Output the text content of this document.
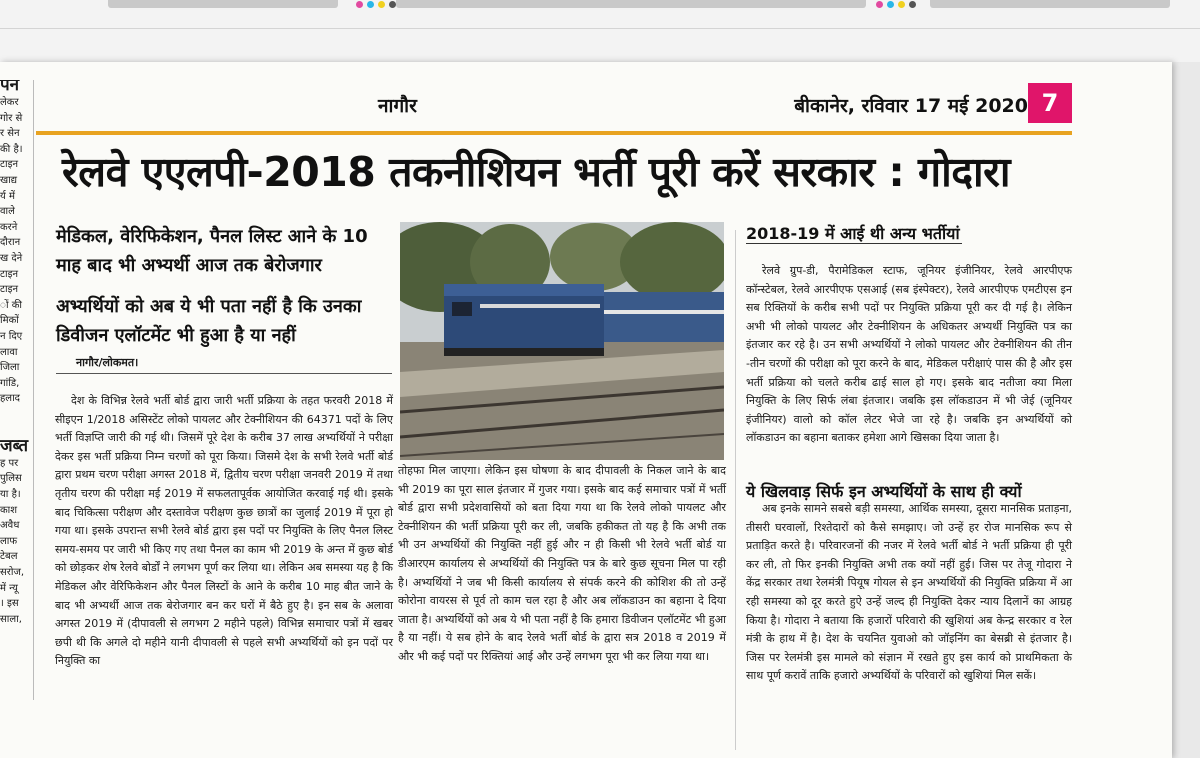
पन
लेकर
गोर से
र सेन
की है।
टाइन
खाद्य
र्य में
वाले
करने
दौरान
ख देने
टाइन
टाइन
ों की
मिकों
न दिए
लावा
जिला
गांडि,
हलाद
जब्त
ह पर
पुलिस
या है।
काश
अवैध
लाफ
टेबल
सरोज,
में न्यू
। इस
साला,
नागौर	बीकानेर, रविवार 17 मई 2020 7
रेलवे एएलपी-2018 तकनीशियन भर्ती पूरी करें सरकार : गोदारा
मेडिकल, वेरिफिकेशन, पैनल लिस्ट आने के 10 माह बाद भी अभ्यर्थी आज तक बेरोजगार
अभ्यर्थियों को अब ये भी पता नहीं है कि उनका डिवीजन एलॉटमेंट भी हुआ है या नहीं
नागौर/लोकमत।
देश के विभिन्न रेलवे भर्ती बोर्ड द्वारा जारी भर्ती प्रक्रिया के तहत फरवरी 2018 में सीइएन 1/2018 असिस्टेंट लोको पायलट और टेक्नीशियन की 64371 पदों के लिए भर्ती विज्ञप्ति जारी की गई थी। जिसमें पूरे देश के करीब 37 लाख अभ्यर्थियों ने परीक्षा देकर इस भर्ती प्रक्रिया निम्न चरणों को पूरा किया। जिसमे देश के सभी रेलवे भर्ती बोर्ड द्वारा प्रथम चरण परीक्षा अगस्त 2018 में, द्वितीय चरण परीक्षा जनवरी 2019 में तथा तृतीय चरण की परीक्षा मई 2019 में सफलतापूर्वक आयोजित करवाई गई थी। इसके बाद चिकित्सा परीक्षण और दस्तावेज परीक्षण कुछ छात्रों का जुलाई 2019 में पूरा हो गया था। इसके उपरान्त सभी रेलवे बोर्ड द्वारा इस पदों पर नियुक्ति के लिए पैनल लिस्ट समय-समय पर जारी भी किए गए तथा पैनल का काम भी 2019 के अन्त में कुछ बोर्ड को छोड़कर शेष रेलवे बोर्डों ने लगभग पूर्ण कर लिया था। लेकिन अब समस्या यह है कि मेडिकल और वेरिफिकेशन और पैनल लिस्टों के आने के करीब 10 माह बीत जाने के बाद भी अभ्यर्थी आज तक बेरोजगार बन कर घरों में बैठे हुए है। इन सब के अलावा अगस्त 2019 में (दीपावली से लगभग 2 महीने पहले) विभिन्न समाचार पत्रों में खबर छपी थी कि अगले दो महीने यानी दीपावली से पहले सभी अभ्यर्थियों को इन पदों पर नियुक्ति का
तोहफा मिल जाएगा। लेकिन इस घोषणा के बाद दीपावली के निकल जाने के बाद भी 2019 का पूरा साल इंतजार में गुजर गया। इसके बाद कई समाचार पत्रों में भर्ती बोर्ड द्वारा सभी प्रदेशवासियों को बता दिया गया था कि रेलवे लोको पायलट और टेक्नीशियन की भर्ती प्रक्रिया पूरी कर ली, जबकि हकीकत तो यह है कि अभी तक भी उन अभ्यर्थियों की नियुक्ति नहीं हुई और न ही किसी भी रेलवे भर्ती बोर्ड या डीआरएम कार्यालय से अभ्यर्थियों की नियुक्ति पत्र के बारे कुछ सूचना मिल पा रही है। अभ्यर्थियों ने जब भी किसी कार्यालय से संपर्क करने की कोशिश की तो उन्हें कोरोना वायरस से पूर्व तो काम चल रहा है और अब लॉकडाउन का बहाना दे दिया जाता है। अभ्यर्थियों को अब ये भी पता नहीं है कि हमारा डिवीजन एलॉटमेंट भी हुआ है या नहीं। ये सब होने के बाद रेलवे भर्ती बोर्ड के द्वारा सत्र 2018 व 2019 में और भी कई पदों पर रिक्तियां आई और उन्हें लगभग पूरा भी कर लिया गया था।
2018-19 में आई थी अन्य भर्तीयां
रेलवे ग्रुप-डी, पैरामेडिकल स्टाफ, जूनियर इंजीनियर, रेलवे आरपीएफ कॉन्स्टेबल, रेलवे आरपीएफ एसआई (सब इंस्पेक्टर), रेलवे आरपीएफ एमटीएस इन सब रिक्तियों के करीब सभी पदों पर नियुक्ति प्रक्रिया पूरी कर दी गई है। लेकिन अभी भी लोको पायलट और टेक्नीशियन के अधिकतर अभ्यर्थी नियुक्ति पत्र का इंतजार कर रहे है। उन सभी अभ्यर्थियों ने लोको पायलट और टेक्नीशियन की तीन -तीन चरणों की परीक्षा को पूरा करने के बाद, मेडिकल परीक्षाएं पास की है और इस भर्ती प्रक्रिया को चलते करीब ढाई साल हो गए। इसके बाद नतीजा क्या मिला नियुक्ति के लिए सिर्फ लंबा इंतजार। जबकि इस लॉकडाउन में भी जेई (जूनियर इंजीनियर) वालो को कॉल लेटर भेजे जा रहे है। जबकि इन अभ्यर्थियों को लॉकडाउन का बहाना बताकर हमेशा आगे खिसका दिया जाता है।
ये खिलवाड़ सिर्फ इन अभ्यर्थियों के साथ ही क्यों
अब इनके सामने सबसे बड़ी समस्या, आर्थिक समस्या, दूसरा मानसिक प्रताड़ना, तीसरी घरवालों, रिश्तेदारों को कैसे समझाए। जो उन्हें हर रोज मानसिक रूप से प्रताड़ित करते है। परिवारजनों की नजर में रेलवे भर्ती बोर्ड ने भर्ती प्रक्रिया ही पूरी कर ली, तो फिर इनकी नियुक्ति अभी तक क्यों नहीं हुई। जिस पर तेजू गोदारा ने केंद्र सरकार तथा रेलमंत्री पियूष गोयल से इन अभ्यर्थियों की नियुक्ति प्रक्रिया में आ रही समस्या को दूर करते हुऐ उन्हें जल्द ही नियुक्ति देकर न्याय दिलानें का आग्रह किया है। गोदारा ने बताया कि हजारों परिवारो की खुशियां अब केन्द्र सरकार व रेल मंत्री के हाथ में है। देश के चयनित युवाओ को जॉइनिंग का बेसब्री से इंतजार है। जिस पर रेलमंत्री इस मामले को संज्ञान में रखते हुए इस कार्य को प्राथमिकता के साथ पूर्ण करावें ताकि हजारो अभ्यर्थियों के परिवारों को खुशियां मिल सकें।
